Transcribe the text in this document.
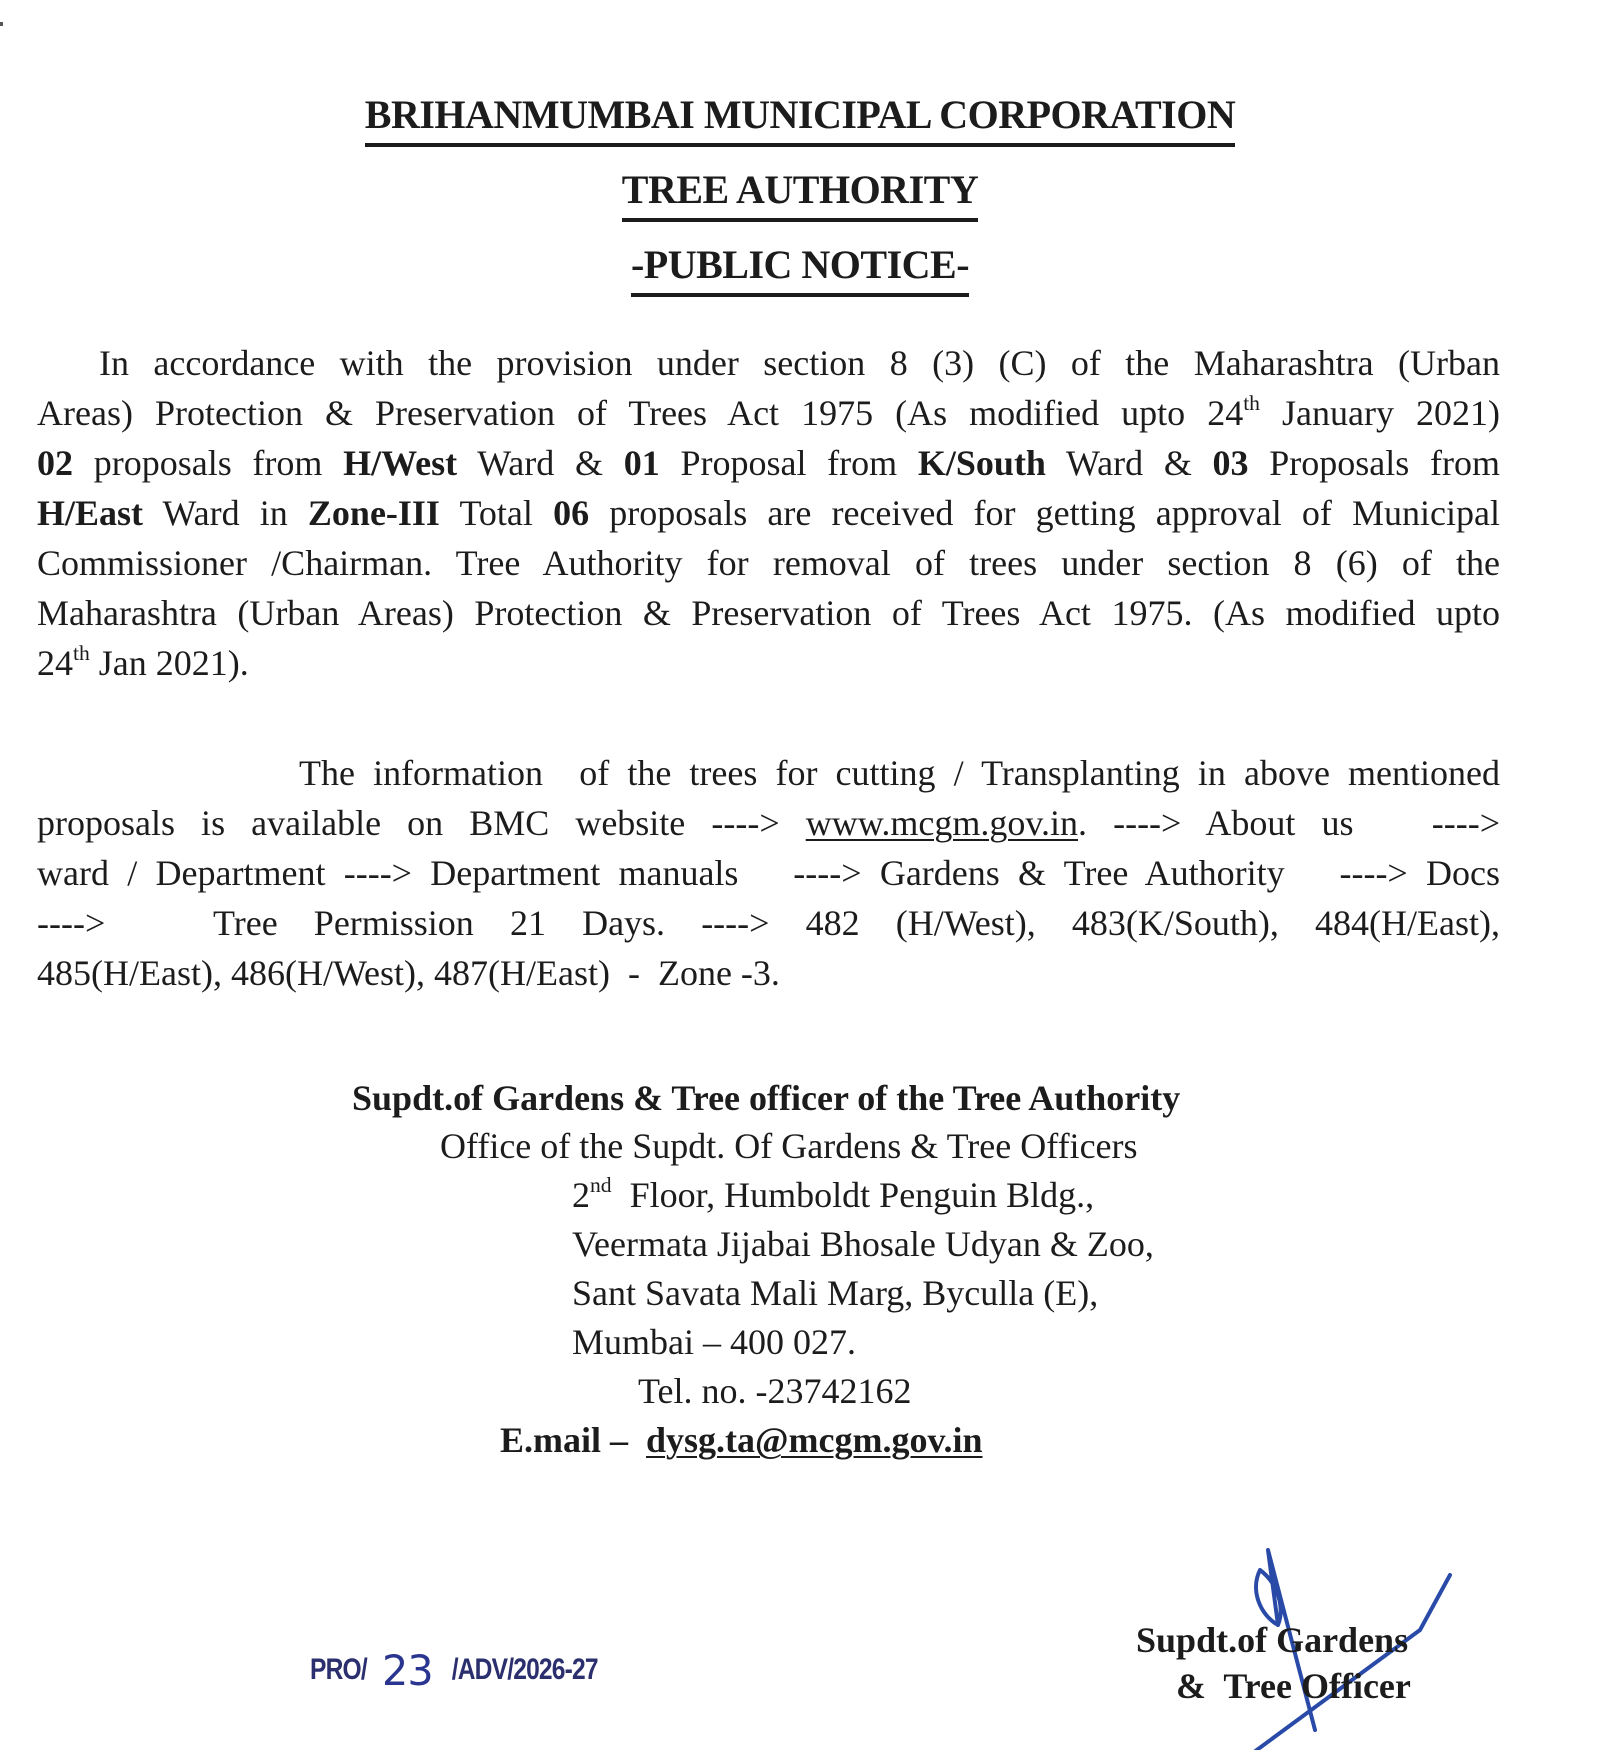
BRIHANMUMBAI MUNICIPAL CORPORATION
TREE AUTHORITY
-PUBLIC NOTICE-
In accordance with the provision under section 8 (3) (C) of the Maharashtra (Urban
Areas) Protection & Preservation of Trees Act 1975 (As modified upto 24th January 2021)
02 proposals from H/West Ward & 01 Proposal from K/South Ward & 03 Proposals from
H/East Ward in Zone-III Total 06 proposals are received for getting approval of Municipal
Commissioner /Chairman. Tree Authority for removal of trees under section 8 (6) of the
Maharashtra (Urban Areas) Protection & Preservation of Trees Act 1975. (As modified upto
24th Jan 2021).
The information  of the trees for cutting / Transplanting in above mentioned
proposals is available on BMC website ----> www.mcgm.gov.in. ----> About us   ---->
ward / Department ----> Department manuals   ----> Gardens & Tree Authority   ----> Docs
---->   Tree Permission 21 Days. ----> 482 (H/West), 483(K/South), 484(H/East),
485(H/East), 486(H/West), 487(H/East)  -  Zone -3.
Supdt.of Gardens & Tree officer of the Tree Authority
Office of the Supdt. Of Gardens & Tree Officers
2nd  Floor, Humboldt Penguin Bldg.,
Veermata Jijabai Bhosale Udyan & Zoo,
Sant Savata Mali Marg, Byculla (E),
Mumbai – 400 027.
Tel. no. -23742162
E.mail – dysg.ta@mcgm.gov.in
PRO/ 23 /ADV/2026-27
Supdt.of Gardens
&  Tree Officer
